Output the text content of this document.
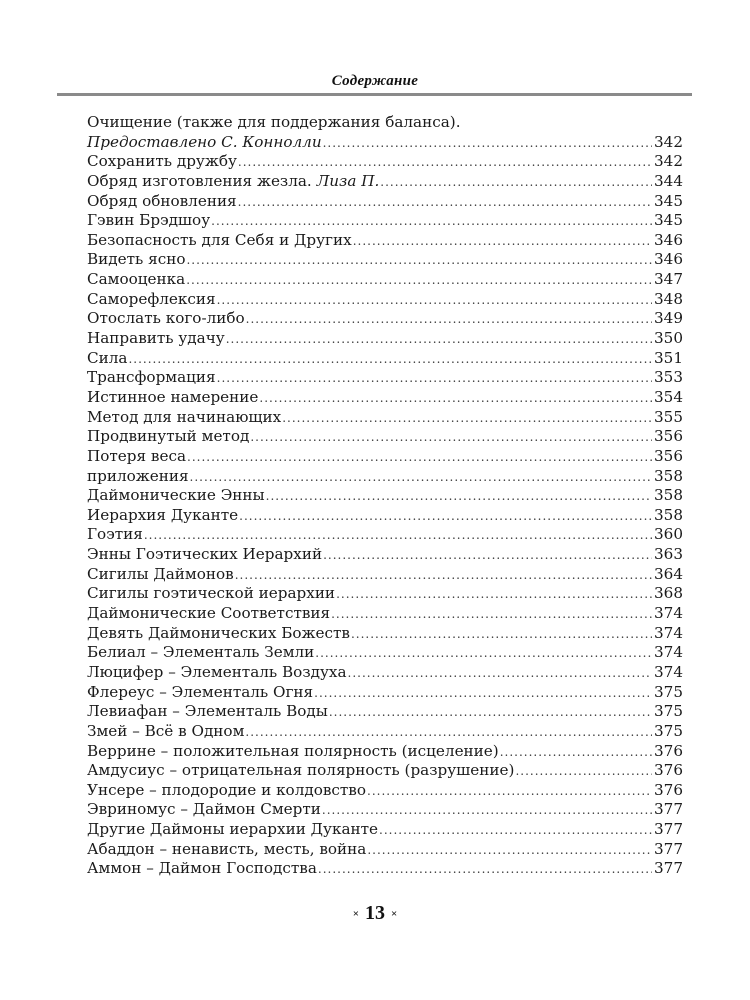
Содержание
Очищение (также для поддержания баланса).
Предоставлено С. Коннолли .....	342
Сохранить дружбу .....	342
Обряд изготовления жезла. Лиза П. .....	344
Обряд обновления .....	345
Гэвин Брэдшоу .....	345
Безопасность для Себя и Других .....	346
Видеть ясно .....	346
Самооценка .....	347
Саморефлексия .....	348
Отослать кого-либо .....	349
Направить удачу .....	350
Сила .....	351
Трансформация .....	353
Истинное намерение .....	354
Метод для начинающих .....	355
Продвинутый метод .....	356
Потеря веса .....	356
приложения .....	358
Даймонические Энны .....	358
Иерархия Дуканте .....	358
Гоэтия .....	360
Энны Гоэтических Иерархий .....	363
Сигилы Даймонов .....	364
Сигилы гоэтической иерархии .....	368
Даймонические Соответствия .....	374
Девять Даймонических Божеств .....	374
Белиал – Элементаль Земли .....	374
Люцифер – Элементаль Воздуха .....	374
Флереус – Элементаль Огня .....	375
Левиафан – Элементаль Воды .....	375
Змей – Всё в Одном .....	375
Веррине – положительная полярность (исцеление) .....	376
Амдусиус – отрицательная полярность (разрушение) .....	376
Унсере – плодородие и колдовство .....	376
Эвриномус – Даймон Смерти .....	377
Другие Даймоны иерархии Дуканте .....	377
Абаддон – ненависть, месть, война .....	377
Аммон – Даймон Господства .....	377
× 13 ×
